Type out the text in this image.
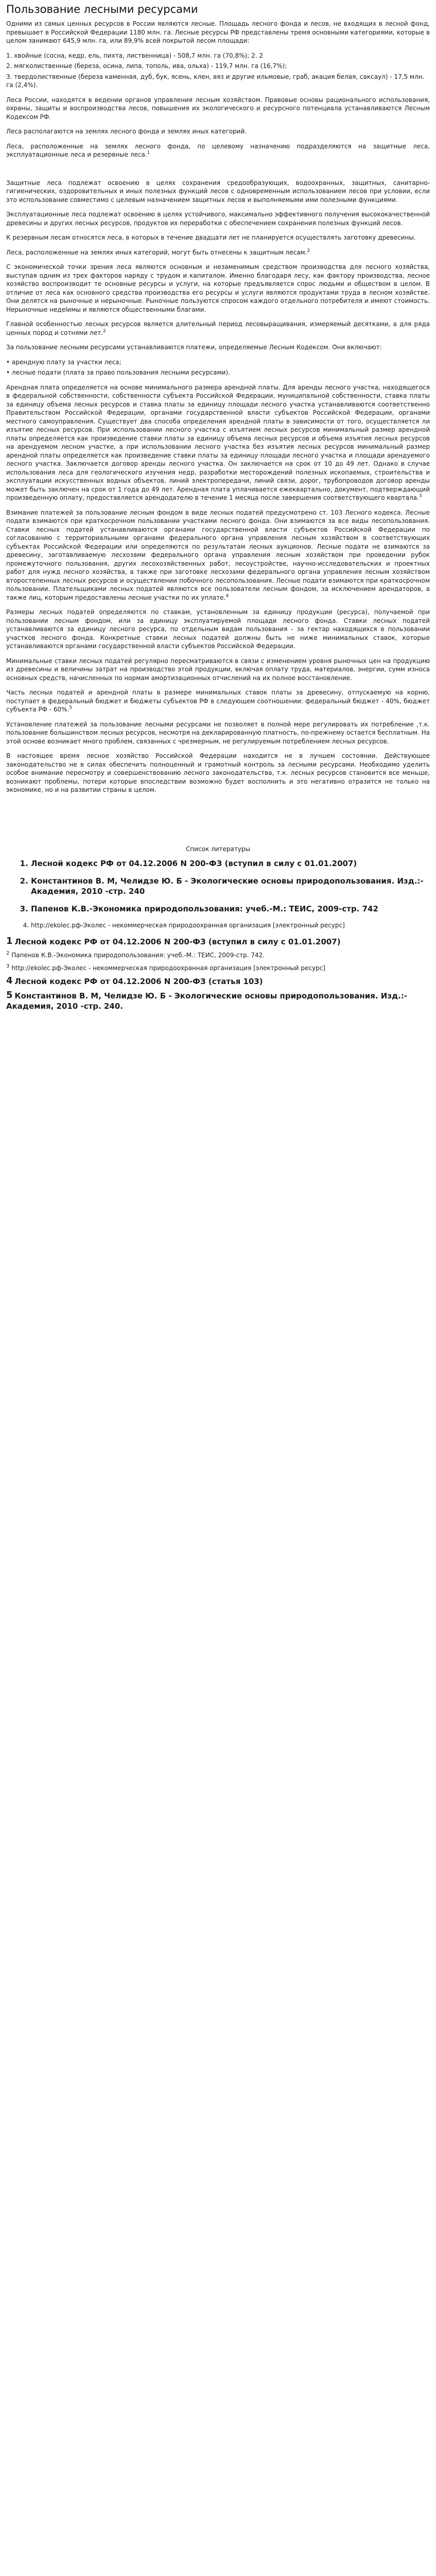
Пользование лесными ресурсами

Одними из самых ценных ресурсов в России являются лесные. Площадь лесного фонда и лесов, не входящих в лесной фонд, превышает в Российской Федерации 1180 млн. га. Лесные ресурсы РФ представлены тремя основными категориями, которые в целом занимают 645,9 млн. га, или 89,9% всей покрытой лесом площади:

1. хвойные (сосна, кедр, ель, пихта, лиственница) - 508,7 млн. га (70,8%); 2. 2
2. мягколиственные (береза, осина, липа, тополь, ива, ольха) - 119,7 млн. га (16,7%);
3. твердолиственные (береза каменная, дуб, бук, ясень, клен, вяз и другие ильмовые, граб, акация белая, саксаул) - 17,5 млн. га (2,4%).

Леса России, находятся в ведении органов управления лесным хозяйством. Правовые основы рационального использования, охраны, защиты и воспроизводства лесов, повышения их экологического и ресурсного потенциала устанавливаются Лесным Кодексом РФ.

Леса располагаются на землях лесного фонда и землях иных категорий.

Леса, расположенные на землях лесного фонда, по целевому назначению подразделяются на защитные леса, эксплуатационные леса и резервные леса.$^1$

Защитные леса подлежат освоению в целях сохранения средообразующих, водоохранных, защитных, санитарно-гигиенических, оздоровительных и иных полезных функций лесов с одновременным использованием лесов при условии, если это использование совместимо с целевым назначением защитных лесов и выполняемыми ими полезными функциями.

Эксплуатационные леса подлежат освоению в целях устойчивого, максимально эффективного получения высококачественной древесины и других лесных ресурсов, продуктов их переработки с обеспечением сохранения полезных функций лесов.

К резервным лесам относятся леса, в которых в течение двадцати лет не планируется осуществлять заготовку древесины.

Леса, расположенные на землях иных категорий, могут быть отнесены к защитным лесам.$^2$

С экономической точки зрения леса являются основным и незаменимым средством производства для лесного хозяйства, выступая одним из трех факторов наряду с трудом и капиталом. Именно благодаря лесу, как фактору производства, лесное хозяйство воспроизводит те основные ресурсы и услуги, на которые предъявляется спрос людьми и обществом в целом. В отличие от леса как основного средства производства его ресурсы и услуги являются продуктами труда в лесном хозяйстве. Они делятся на рыночные и нерыночные. Рыночные пользуются спросом каждого отдельного потребителя и имеют стоимость. Нерыночные недelимы и являются общественными благами.

Главной особенностью лесных ресурсов является длительный период лесовыращивания, измеряемый десятками, а для ряда ценных пород и сотнями лет.$^2$

За пользование лесными ресурсами устанавливаются платежи, определяемые Лесным Кодексом. Они включают:

• арендную плату за участки леса;
• лесные подати (плата за право пользования лесными ресурсами).

Арендная плата определяется на основе минимального размера арендной платы. Для аренды лесного участка, находящегося в федеральной собственности, собственности субъекта Российской Федерации, муниципальной собственности, ставка платы за единицу объема лесных ресурсов и ставка платы за единицу площади лесного участка устанавливаются соответственно Правительством Российской Федерации, органами государственной власти субъектов Российской Федерации, органами местного самоуправления. Существует два способа определения арендной платы в зависимости от того, осуществляется ли изъятие лесных ресурсов. При использовании лесного участка с изъятием лесных ресурсов минимальный размер арендной платы определяется как произведение ставки платы за единицу объема лесных ресурсов и объема изъятия лесных ресурсов на арендуемом лесном участке, а при использовании лесного участка без изъятия лесных ресурсов минимальный размер арендной платы определяется как произведение ставки платы за единицу площади лесного участка и площади арендуемого лесного участка. Заключается договор аренды лесного участка. Он заключается на срок от 10 до 49 лет. Однако в случае использования леса для геологического изучения недр, разработки месторождений полезных ископаемых, строительства и эксплуатации искусственных водных объектов, линий электропередачи, линий связи, дорог, трубопроводов договор аренды может быть заключен на срок от 1 года до 49 лет. Арендная плата уплачивается ежеквартально, документ, подтверждающий произведенную оплату, предоставляется арендодателю в течение 1 месяца после завершения соответствующего квартала.$^3$

Взимание платежей за пользование лесным фондом в виде лесных податей предусмотрено ст. 103 Лесного кодекса. Лесные подати взимаются при краткосрочном пользовании участками лесного фонда. Они взимаются за все виды лесопользования. Ставки лесных податей устанавливаются органами государственной власти субъектов Российской Федерации по согласованию с территориальными органами федерального органа управления лесным хозяйством в соответствующих субъектах Российской Федерации или определяются по результатам лесных аукционов. Лесные подати не взимаются за древесину, заготавливаемую лесхозами федерального органа управления лесным хозяйством при проведении рубок промежуточного пользования, других лесохозяйственных работ, лесоустройстве, научно-исследовательских и проектных работ для нужд лесного хозяйства, а также при заготовке лесхозами федерального органа управления лесным хозяйством второстепенных лесных ресурсов и осуществлении побочного лесопользования. Лесные подати взимаются при краткосрочном пользовании. Плательщиками лесных податей являются все пользователи лесным фондом, за исключением арендаторов, а также лиц, которым предоставлены лесные участки по их уплате.$^4$

Размеры лесных податей определяются по ставкам, установленным за единицу продукции (ресурса), получаемой при пользовании лесным фондом, или за единицу эксплуатируемой площади лесного фонда. Ставки лесных податей устанавливаются за единицу лесного ресурса, по отдельным видам пользования - за гектар находящихся в пользовании участков лесного фонда. Конкретные ставки лесных податей должны быть не ниже минимальных ставок, которые устанавливаются органами государственной власти субъектов Российской Федерации.

Минимальные ставки лесных податей регулярно пересматриваются в связи с изменением уровня рыночных цен на продукцию из древесины и величины затрат на производство этой продукции, включая оплату труда, материалов, энергии, сумм износа основных средств, начисленных по нормам амортизационных отчислений на их полное восстановление.

Часть лесных податей и арендной платы в размере минимальных ставок платы за древесину, отпускаемую на корню, поступает в федеральный бюджет и бюджеты субъектов РФ в следующем соотношении: федеральный бюджет - 40%, бюджет субъекта РФ - 60%.$^5$

Установление платежей за пользование лесными ресурсами не позволяет в полной мере регулировать их потребление ,т.к. пользование большинством лесных ресурсов, несмотря на декларированную платность, по-прежнему остается бесплатным. На этой основе возникает много проблем, связанных с чрезмерным, не регулируемым потреблением лесных ресурсов.

В настоящее время лесное хозяйство Российской Федерации находится не в лучшем состоянии. Действующее законодательство не в силах обеспечить полноценный и грамотный контроль за лесными ресурсами. Необходимо уделить особое внимание пересмотру и совершенствованию лесного законодательства, т.к. лесных ресурсов становится все меньше, возникают проблемы, потери которые впоследствии возможно будет восполнить и это негативно отразится не только на экономике, но и на развитии страны в целом.

Список литературы
1. Лесной кодекс РФ от 04.12.2006 N 200-ФЗ (вступил в силу с 01.01.2007)
2. Константинов В. М, Челидзе Ю. Б - Экологические основы природопользования. Изд.:- Академия, 2010 -стр. 240
3. Папенов К.В.-Экономика природопользования: учеб.-М.: ТЕИС, 2009-стр. 742
4. http://ekolec.рф-Эколес - некоммерческая природоохранная организация [электронный ресурс]
1 Лесной кодекс РФ от 04.12.2006 N 200-ФЗ (вступил в силу с 01.01.2007)
$^2$ Папенов К.В.-Экономика природопользования: учеб.-М.: ТЕИС, 2009-стр. 742.
$^3$ http://ekolec.рф-Эколес - некоммерческая природоохранная организация [электронный ресурс]
4 Лесной кодекс РФ от 04.12.2006 N 200-ФЗ (статья 103)
5 Константинов В. М, Челидзе Ю. Б - Экологические основы природопользования. Изд.:- Академия, 2010 -стр. 240.
